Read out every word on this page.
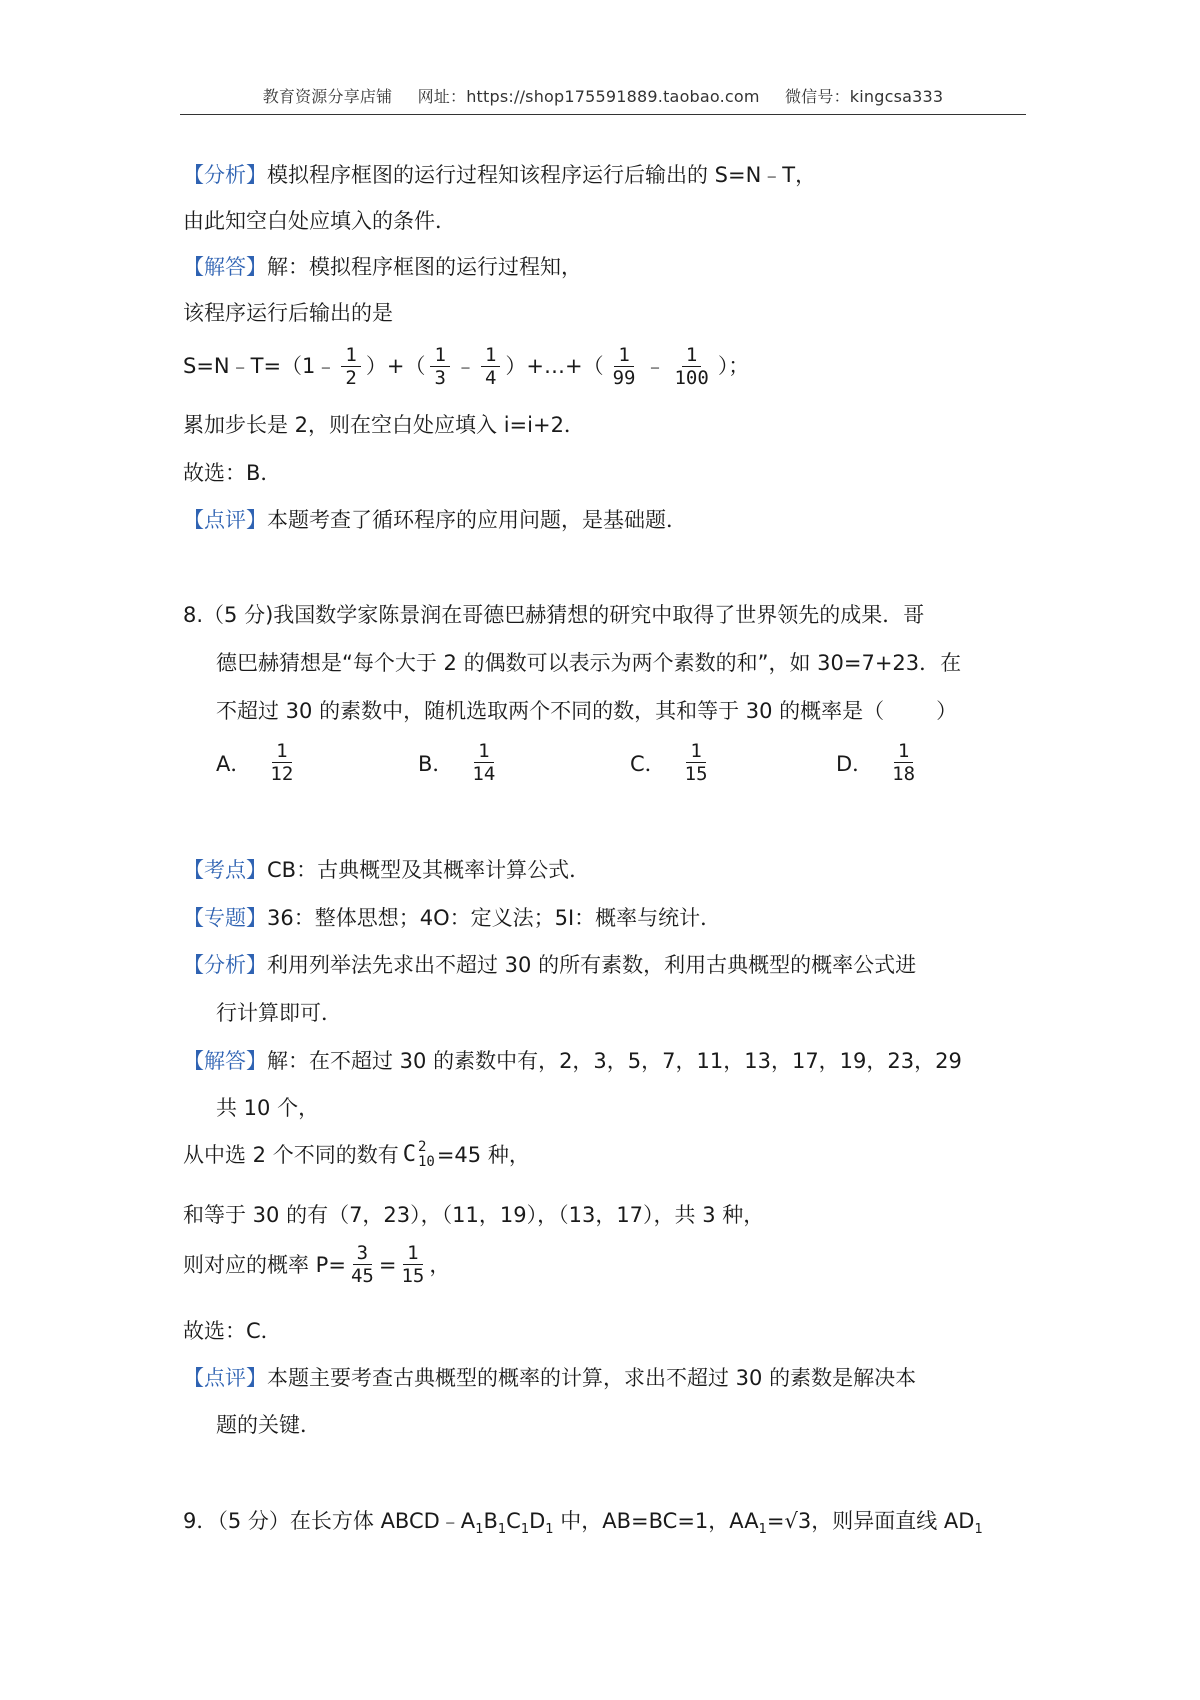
教育资源分享店铺 网址：https://shop175591889.taobao.com 微信号：kingcsa333
【分析】模拟程序框图的运行过程知该程序运行后输出的 S=N﹣T，
由此知空白处应填入的条件．
【解答】解：模拟程序框图的运行过程知，
该程序运行后输出的是
S=N﹣T=（1﹣ $\frac{1}{2}$ ）+（ $\frac{1}{3}$ ﹣ $\frac{1}{4}$ ）+…+（ $\frac{1}{99}$ ﹣ $\frac{1}{100}$ ）；
累加步长是 2，则在空白处应填入 i=i+2．
故选：B．
【点评】本题考查了循环程序的应用问题，是基础题．
8.（5 分)我国数学家陈景润在哥德巴赫猜想的研究中取得了世界领先的成果．哥
德巴赫猜想是“每个大于 2 的偶数可以表示为两个素数的和”，如 30=7+23．在
不超过 30 的素数中，随机选取两个不同的数，其和等于 30 的概率是（ ）
A． $\frac{1}{12}$	B． $\frac{1}{14}$	C． $\frac{1}{15}$	D． $\frac{1}{18}$
【考点】CB：古典概型及其概率计算公式．
【专题】36：整体思想；4O：定义法；5I：概率与统计．
【分析】利用列举法先求出不超过 30 的所有素数，利用古典概型的概率公式进
行计算即可．
【解答】解：在不超过 30 的素数中有，2，3，5，7，11，13，17，19，23，29
共 10 个，
从中选 2 个不同的数有 C 2
10 =45 种，
和等于 30 的有（7，23），（11，19），（13，17），共 3 种，
则对应的概率 $P= \frac{3}{45} = \frac{1}{15}$ ，
故选：C．
【点评】本题主要考查古典概型的概率的计算，求出不超过 30 的素数是解决本
题的关键．
9．（5 分）在长方体 $ABCD﹣A_1B_1C_1D_1$ 中，AB=BC=1，$AA_1=√3$，则异面直线 $AD_1$
